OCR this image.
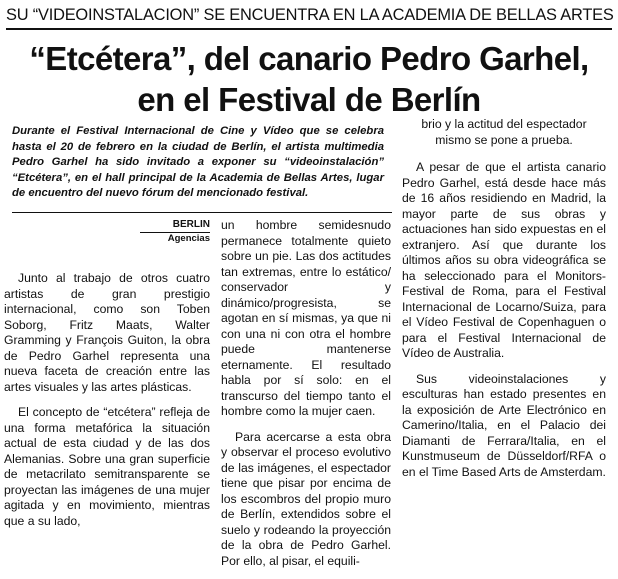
SU “VIDEOINSTALACION” SE ENCUENTRA EN LA ACADEMIA DE BELLAS ARTES
“Etcétera”, del canario Pedro Garhel,
en el Festival de Berlín

Durante el Festival Internacional de Cine y Vídeo que se celebra hasta el 20 de febrero en la ciudad de Berlín, el artista multimedia Pedro Garhel ha sido invitado a exponer su “videoinstalación” “Etcétera”, en el hall principal de la Academia de Bellas Artes, lugar de encuentro del nuevo fórum del mencionado festival.

BERLIN
Agencias

Junto al trabajo de otros cuatro artistas de gran prestigio internacional, como son Toben Soborg, Fritz Maats, Walter Gramming y François Guiton, la obra de Pedro Garhel representa una nueva faceta de creación entre las artes visuales y las artes plásticas.

El concepto de “etcétera” refleja de una forma metafórica la situación actual de esta ciudad y de las dos Alemanias. Sobre una gran superficie de metacrilato semitransparente se proyectan las imágenes de una mujer agitada y en movimiento, mientras que a su lado,

un hombre semidesnudo permanece totalmente quieto sobre un pie. Las dos actitudes tan extremas, entre lo estático/ conservador y dinámico/progresista, se agotan en sí mismas, ya que ni con una ni con otra el hombre puede mantenerse eternamente. El resultado habla por sí solo: en el transcurso del tiempo tanto el hombre como la mujer caen.

Para acercarse a esta obra y observar el proceso evolutivo de las imágenes, el espectador tiene que pisar por encima de los escombros del propio muro de Berlín, extendidos sobre el suelo y rodeando la proyección de la obra de Pedro Garhel. Por ello, al pisar, el equili-

brio y la actitud del espectador mismo se pone a prueba.

A pesar de que el artista canario Pedro Garhel, está desde hace más de 16 años residiendo en Madrid, la mayor parte de sus obras y actuaciones han sido expuestas en el extranjero. Así que durante los últimos años su obra videográfica se ha seleccionado para el Monitors-Festival de Roma, para el Festival Internacional de Locarno/Suiza, para el Vídeo Festival de Copenhaguen o para el Festival Internacional de Vídeo de Australia.

Sus videoinstalaciones y esculturas han estado presentes en la exposición de Arte Electrónico en Camerino/Italia, en el Palacio dei Diamanti de Ferrara/Italia, en el Kunstmuseum de Düsseldorf/RFA o en el Time Based Arts de Amsterdam.
